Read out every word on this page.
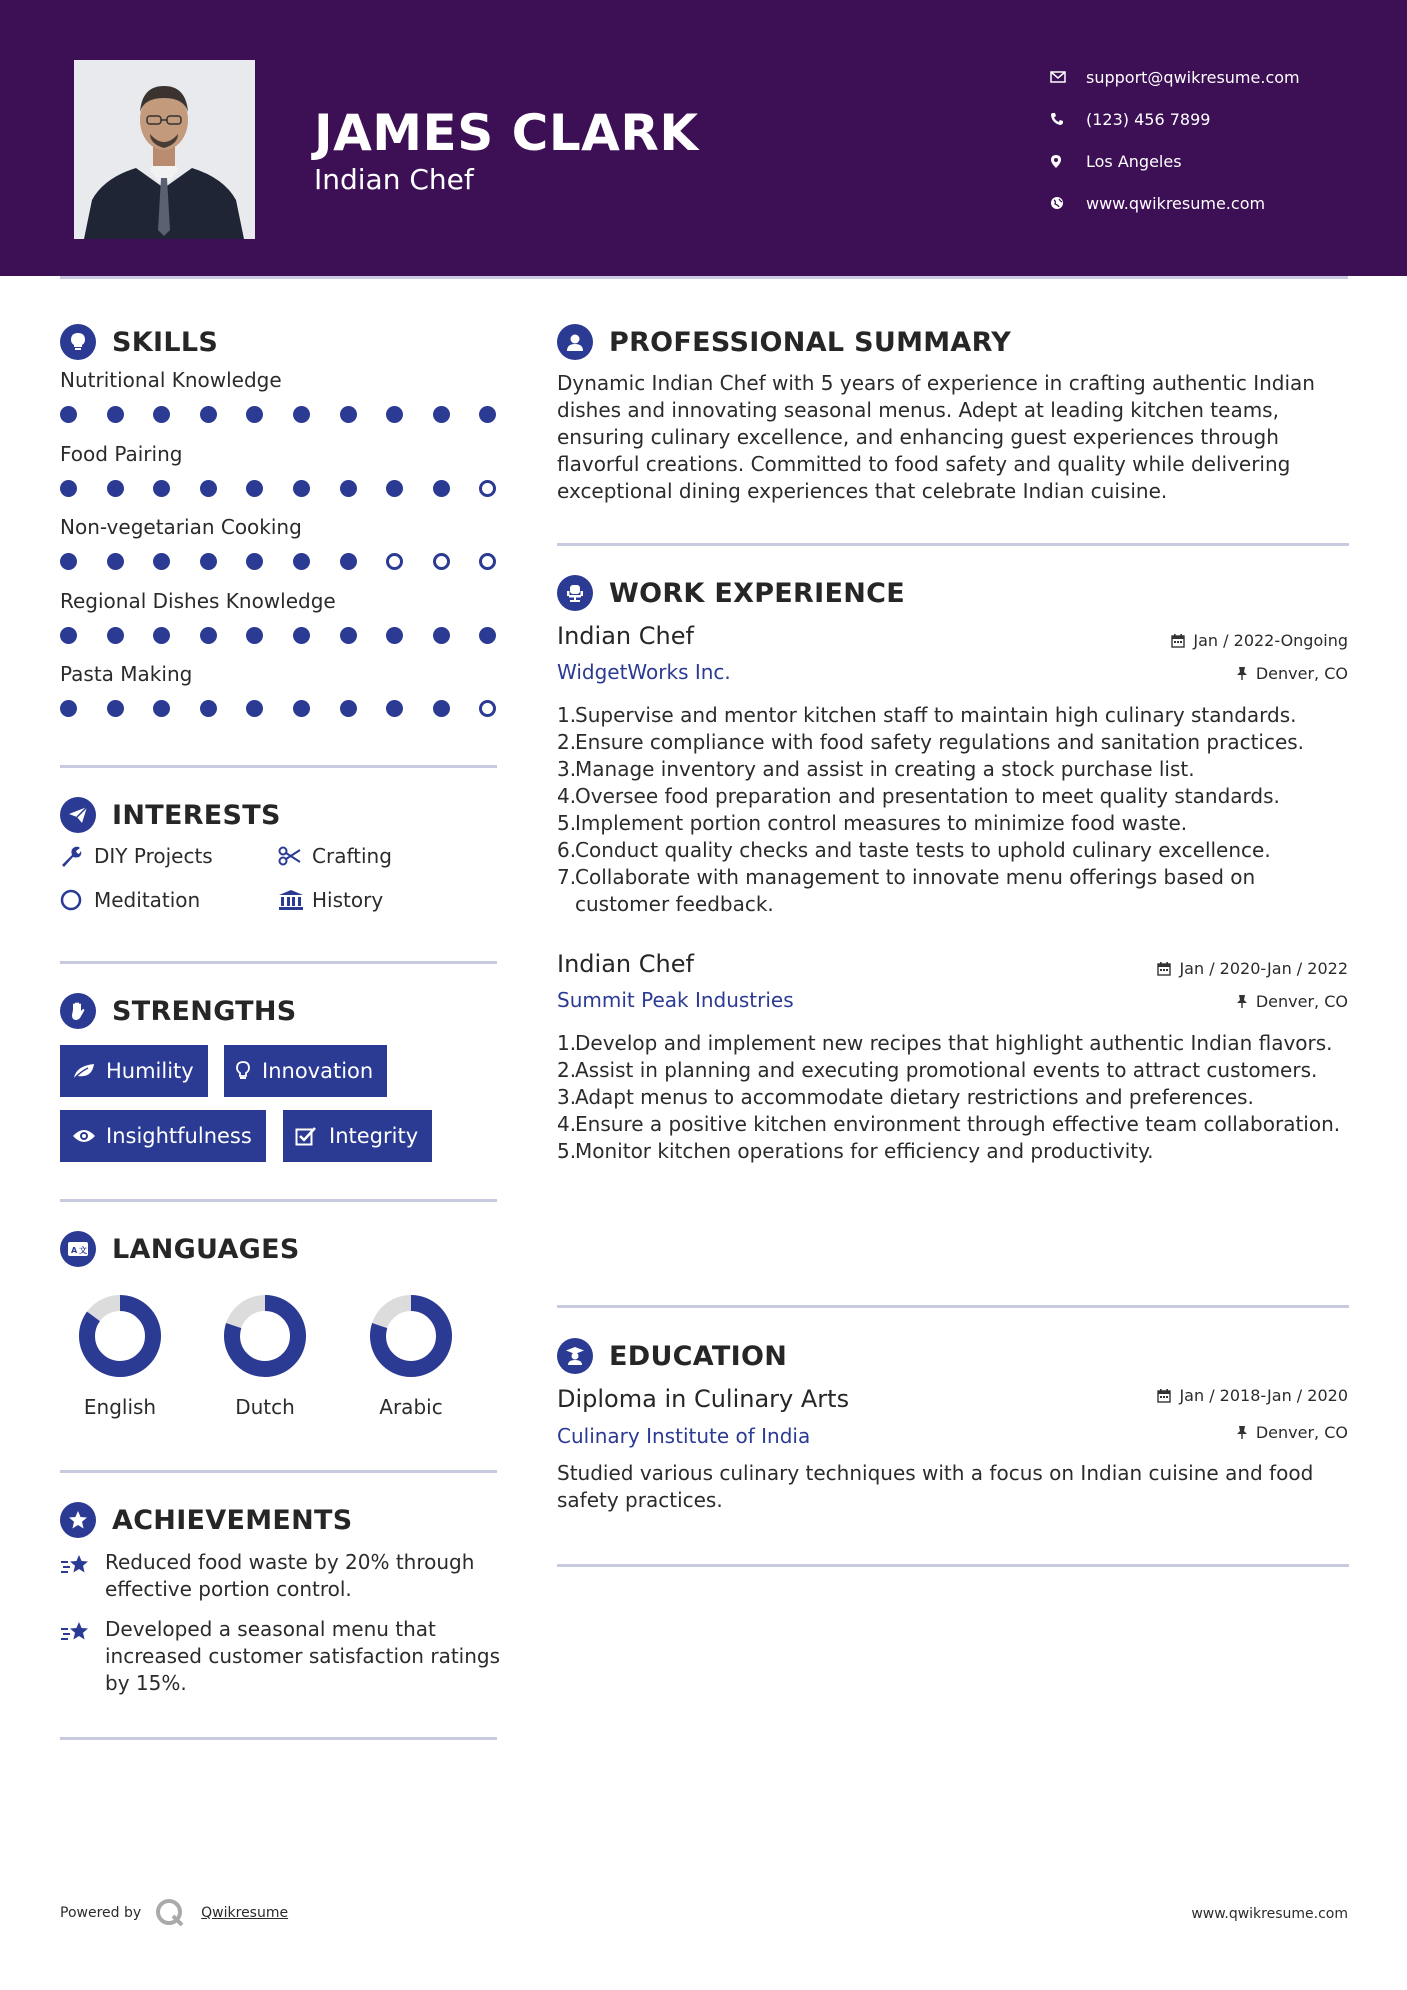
JAMES CLARK
Indian Chef
support@qwikresume.com
(123) 456 7899
Los Angeles
www.qwikresume.com
SKILLS
Nutritional Knowledge
Food Pairing
Non-vegetarian Cooking
Regional Dishes Knowledge
Pasta Making
INTERESTS
DIY Projects	Crafting
Meditation	History
STRENGTHS
Humility	Innovation
Insightfulness	Integrity
A 文 LANGUAGES
English	Dutch	Arabic
ACHIEVEMENTS
Reduced food waste by 20% through effective portion control.
Developed a seasonal menu that increased customer satisfaction ratings by 15%.
PROFESSIONAL SUMMARY
Dynamic Indian Chef with 5 years of experience in crafting authentic Indian dishes and innovating seasonal menus. Adept at leading kitchen teams, ensuring culinary excellence, and enhancing guest experiences through flavorful creations. Committed to food safety and quality while delivering exceptional dining experiences that celebrate Indian cuisine.
WORK EXPERIENCE
Indian Chef	Jan / 2022-Ongoing
WidgetWorks Inc.	Denver, CO
1.
Supervise and mentor kitchen staff to maintain high culinary standards.
2.
Ensure compliance with food safety regulations and sanitation practices.
3.
Manage inventory and assist in creating a stock purchase list.
4.
Oversee food preparation and presentation to meet quality standards.
5.
Implement portion control measures to minimize food waste.
6.
Conduct quality checks and taste tests to uphold culinary excellence.
7.
Collaborate with management to innovate menu offerings based on customer feedback.
Indian Chef	Jan / 2020-Jan / 2022
Summit Peak Industries	Denver, CO
1.
Develop and implement new recipes that highlight authentic Indian flavors.
2.
Assist in planning and executing promotional events to attract customers.
3.
Adapt menus to accommodate dietary restrictions and preferences.
4.
Ensure a positive kitchen environment through effective team collaboration.
5.
Monitor kitchen operations for efficiency and productivity.
EDUCATION
Diploma in Culinary Arts	Jan / 2018-Jan / 2020
Culinary Institute of India	Denver, CO
Studied various culinary techniques with a focus on Indian cuisine and food safety practices.
Powered by	Qwikresume	www.qwikresume.com
